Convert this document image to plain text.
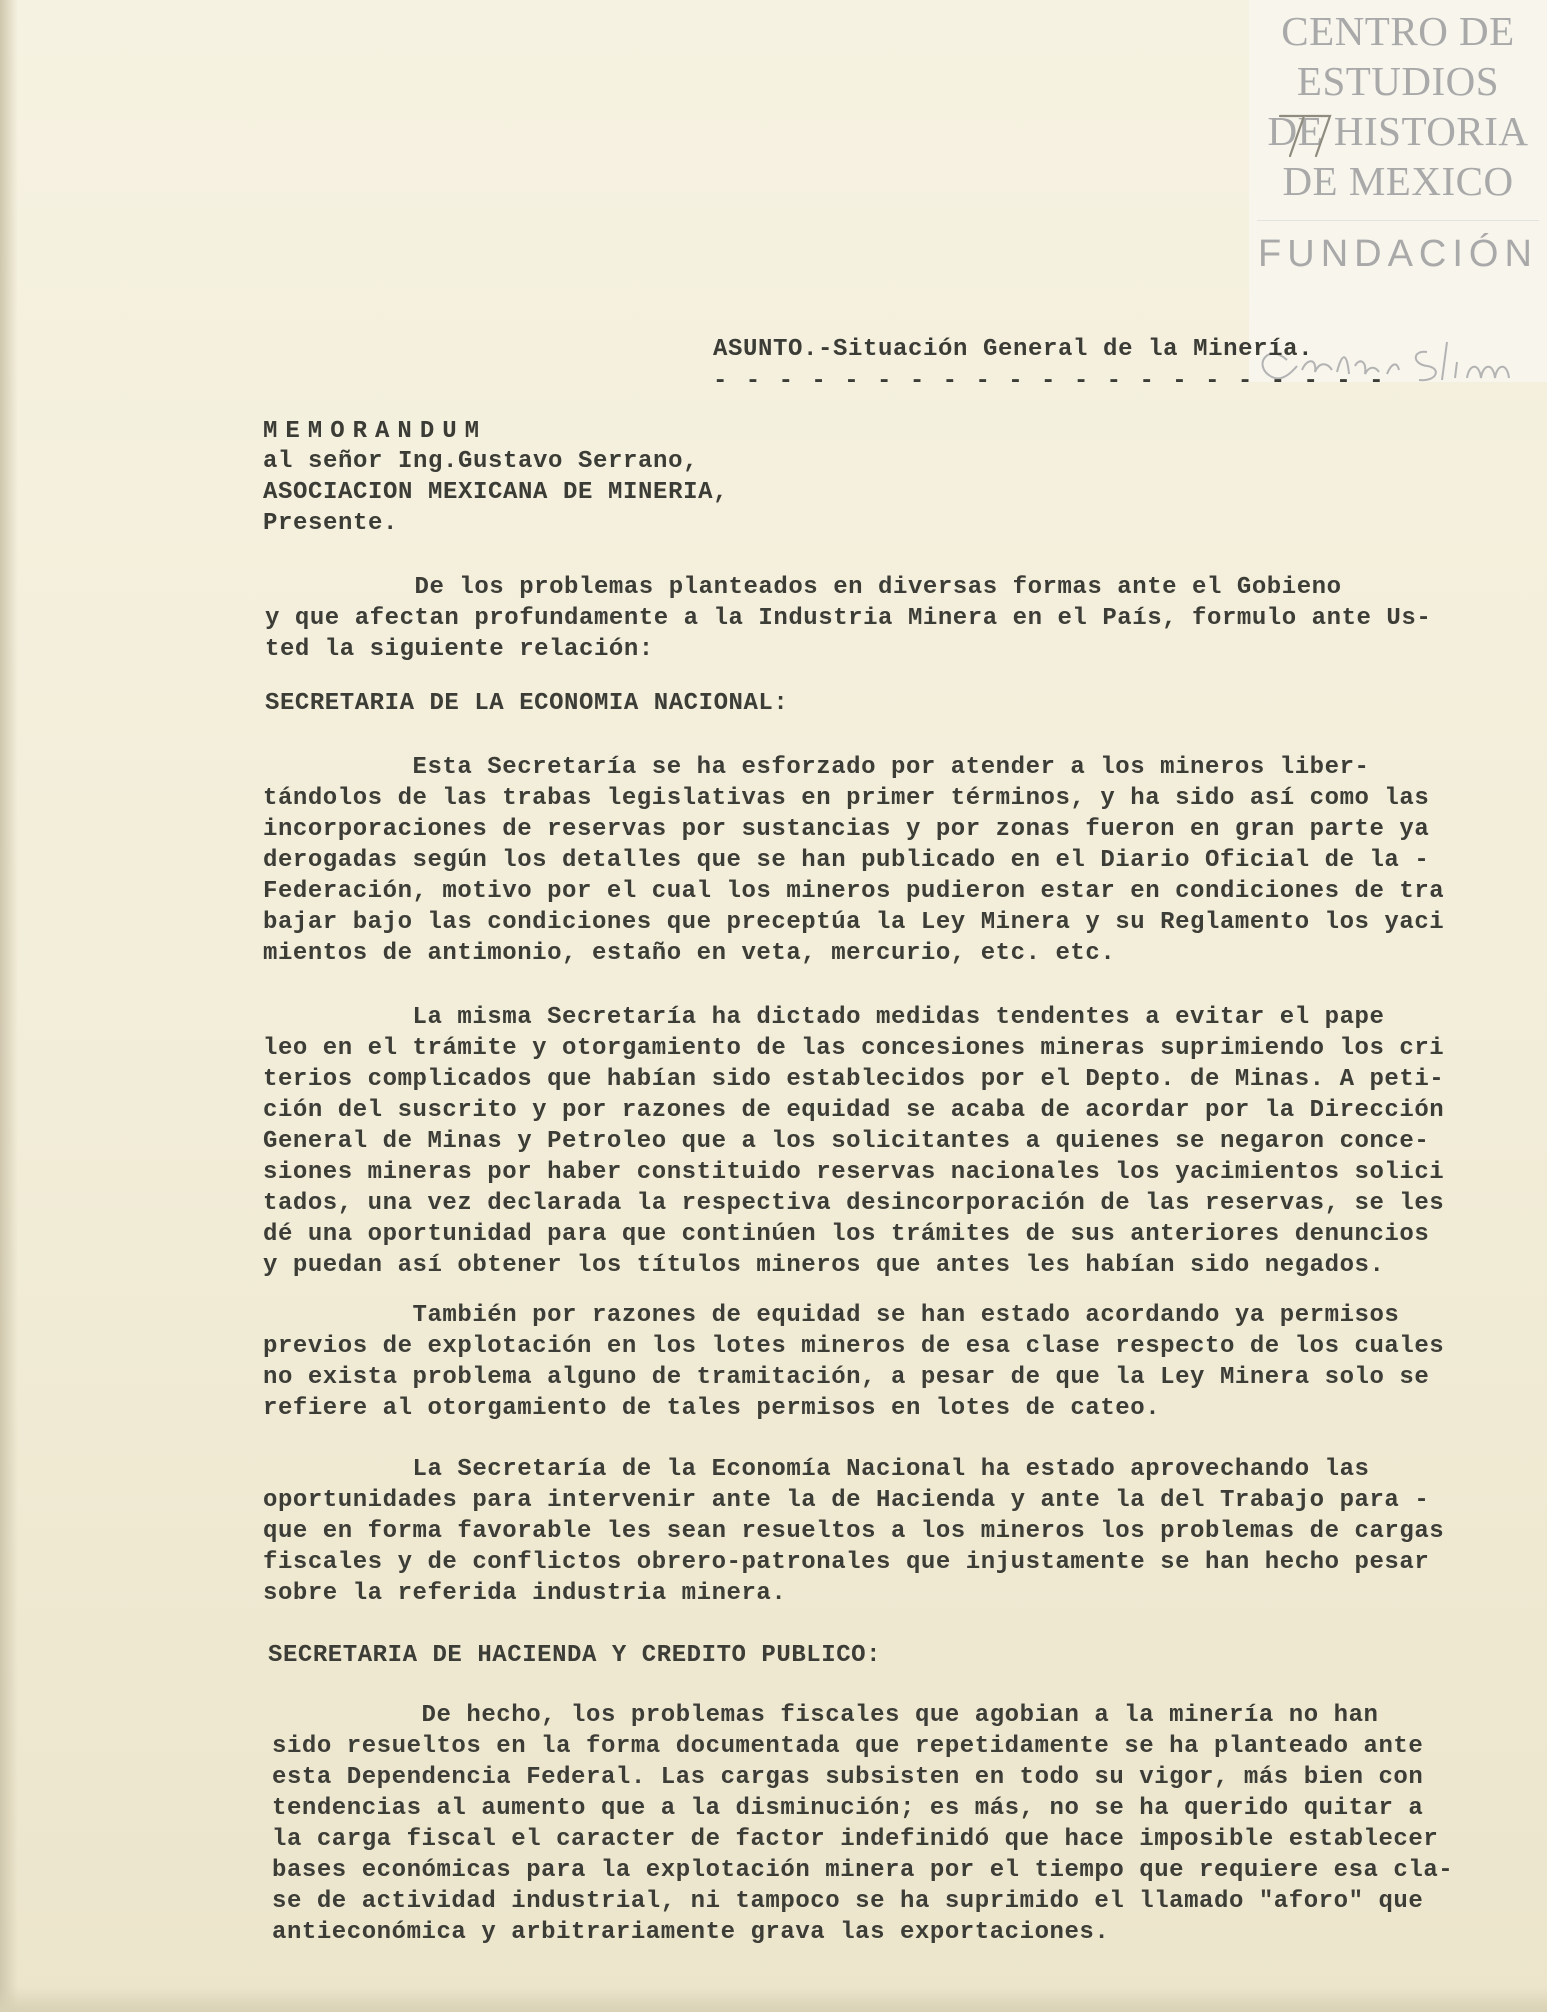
CENTRO DE
ESTUDIOS
DE HISTORIA
DE MEXICO
FUNDACIÓN
77
ASUNTO.-Situación General de la Minería.
- - - - - - - - - - - - - - - - - - - - -
MEMORANDUM
al señor Ing.Gustavo Serrano,
ASOCIACION MEXICANA DE MINERIA,
Presente.
De los problemas planteados en diversas formas ante el Gobieno
y que afectan profundamente a la Industria Minera en el País, formulo ante Us-
ted la siguiente relación:
SECRETARIA DE LA ECONOMIA NACIONAL:
Esta Secretaría se ha esforzado por atender a los mineros liber-
tándolos de las trabas legislativas en primer términos, y ha sido así como las
incorporaciones de reservas por sustancias y por zonas fueron en gran parte ya
derogadas según los detalles que se han publicado en el Diario Oficial de la -
Federación, motivo por el cual los mineros pudieron estar en condiciones de tra
bajar bajo las condiciones que preceptúa la Ley Minera y su Reglamento los yaci
mientos de antimonio, estaño en veta, mercurio, etc. etc.
La misma Secretaría ha dictado medidas tendentes a evitar el pape
leo en el trámite y otorgamiento de las concesiones mineras suprimiendo los cri
terios complicados que habían sido establecidos por el Depto. de Minas. A peti-
ción del suscrito y por razones de equidad se acaba de acordar por la Dirección
General de Minas y Petroleo que a los solicitantes a quienes se negaron conce-
siones mineras por haber constituido reservas nacionales los yacimientos solici
tados, una vez declarada la respectiva desincorporación de las reservas, se les
dé una oportunidad para que continúen los trámites de sus anteriores denuncios
y puedan así obtener los títulos mineros que antes les habían sido negados.
También por razones de equidad se han estado acordando ya permisos
previos de explotación en los lotes mineros de esa clase respecto de los cuales
no exista problema alguno de tramitación, a pesar de que la Ley Minera solo se
refiere al otorgamiento de tales permisos en lotes de cateo.
La Secretaría de la Economía Nacional ha estado aprovechando las
oportunidades para intervenir ante la de Hacienda y ante la del Trabajo para -
que en forma favorable les sean resueltos a los mineros los problemas de cargas
fiscales y de conflictos obrero-patronales que injustamente se han hecho pesar
sobre la referida industria minera.
SECRETARIA DE HACIENDA Y CREDITO PUBLICO:
De hecho, los problemas fiscales que agobian a la minería no han
sido resueltos en la forma documentada que repetidamente se ha planteado ante
esta Dependencia Federal. Las cargas subsisten en todo su vigor, más bien con
tendencias al aumento que a la disminución; es más, no se ha querido quitar a
la carga fiscal el caracter de factor indefinidó que hace imposible establecer
bases económicas para la explotación minera por el tiempo que requiere esa cla-
se de actividad industrial, ni tampoco se ha suprimido el llamado "aforo" que
antieconómica y arbitrariamente grava las exportaciones.
